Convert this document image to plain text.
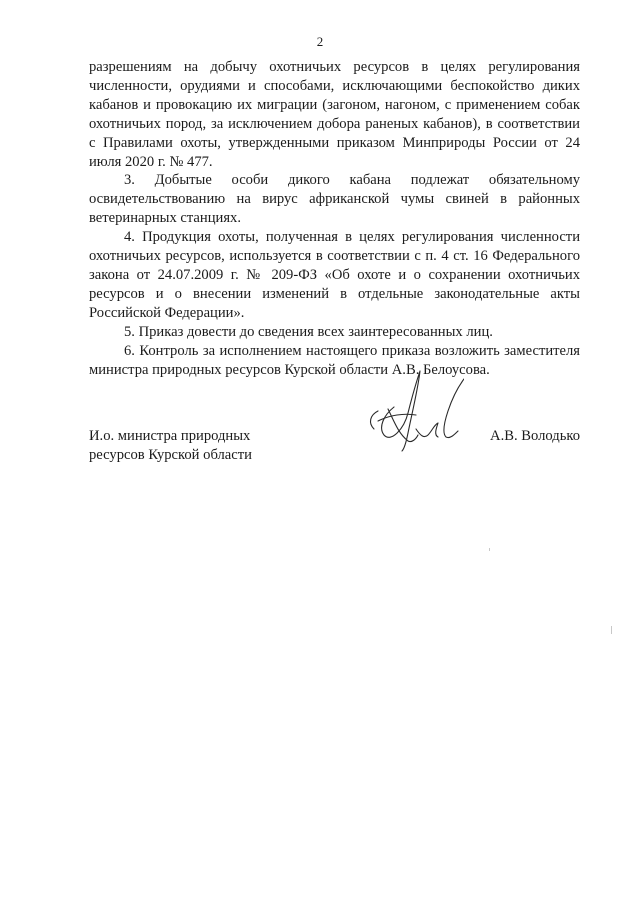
2

разрешениям на добычу охотничьих ресурсов в целях регулирования численности, орудиями и способами, исключающими беспокойство диких кабанов и провокацию их миграции (загоном, нагоном, с применением собак охотничьих пород, за исключением добора раненых кабанов), в соответствии с Правилами охоты, утвержденными приказом Минприроды России от 24 июля 2020 г. № 477.

3. Добытые особи дикого кабана подлежат обязательному освидетельствованию на вирус африканской чумы свиней в районных ветеринарных станциях.

4. Продукция охоты, полученная в целях регулирования численности охотничьих ресурсов, используется в соответствии с п. 4 ст. 16 Федерального закона от 24.07.2009 г. № 209-ФЗ «Об охоте и о сохранении охотничьих ресурсов и о внесении изменений в отдельные законодательные акты Российской Федерации».

5. Приказ довести до сведения всех заинтересованных лиц.

6. Контроль за исполнением настоящего приказа возложить заместителя министра природных ресурсов Курской области А.В. Белоусова.

И.о. министра природных
ресурсов Курской области
А.В. Володько
